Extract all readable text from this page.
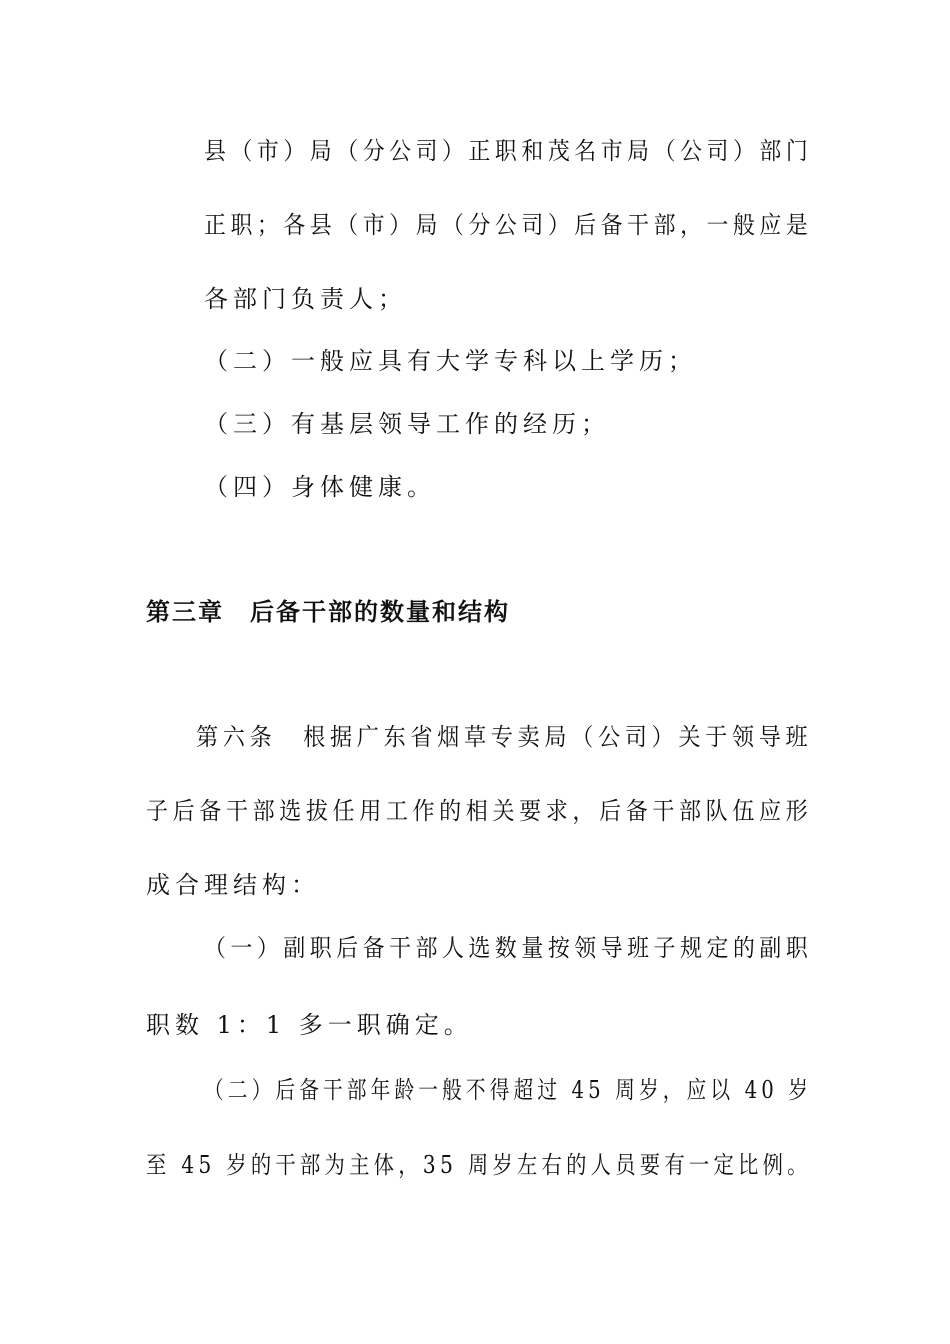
县（市）局（分公司）正职和茂名市局（公司）部门
正职；各县（市）局（分公司）后备干部，一般应是
各部门负责人；
（二）一般应具有大学专科以上学历；
（三）有基层领导工作的经历；
（四）身体健康。
第三章　后备干部的数量和结构
第六条　根据广东省烟草专卖局（公司）关于领导班
子后备干部选拔任用工作的相关要求，后备干部队伍应形
成合理结构：
（一）副职后备干部人选数量按领导班子规定的副职
职数 1：1 多一职确定。
（二）后备干部年龄一般不得超过 45 周岁，应以 40 岁
至 45 岁的干部为主体，35 周岁左右的人员要有一定比例。
